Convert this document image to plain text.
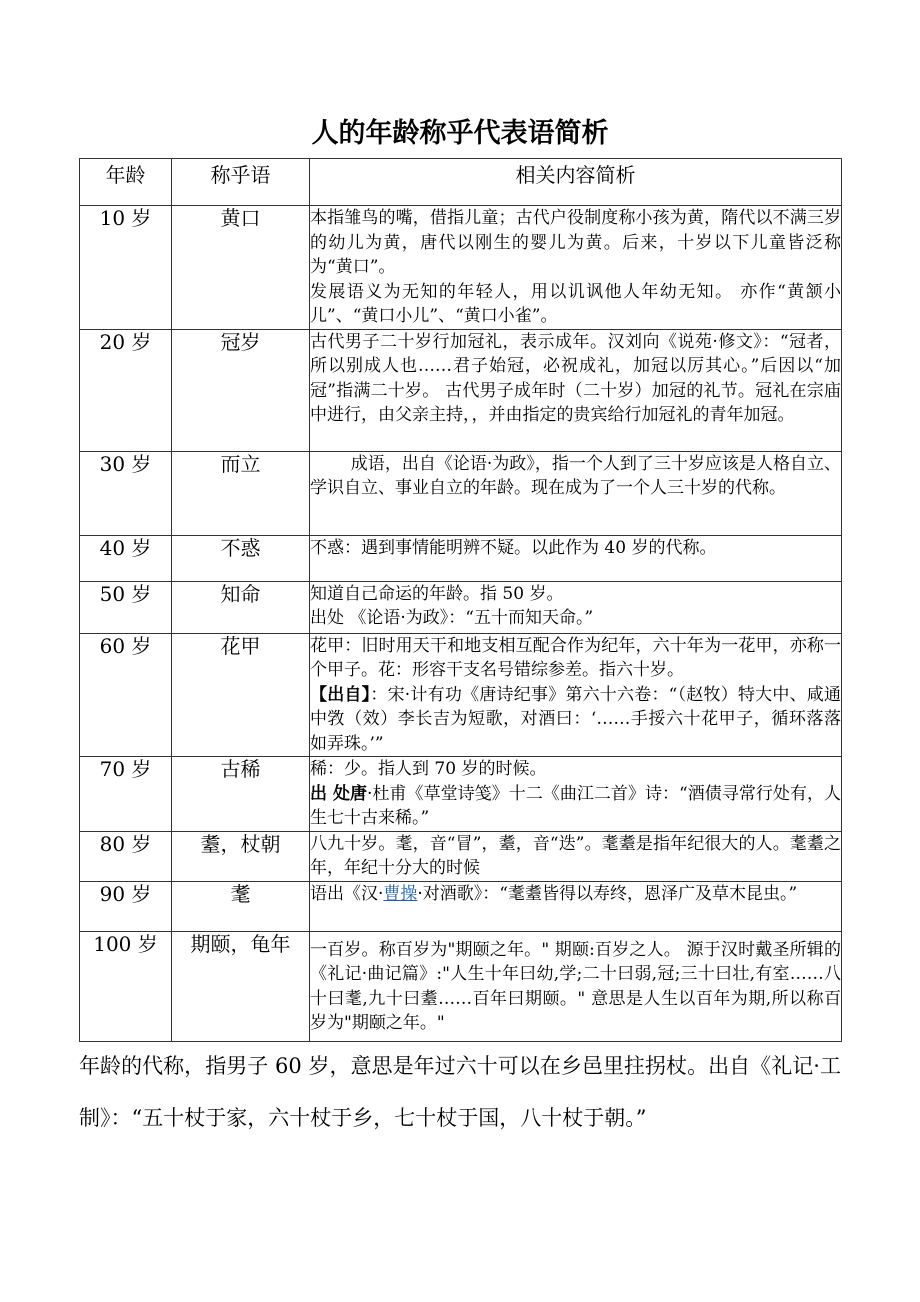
人的年龄称乎代表语简析
年龄	称乎语	相关内容简析
10 岁	黄口	本指雏鸟的嘴，借指儿童；古代户役制度称小孩为黄，隋代以不满三岁的幼儿为黄，唐代以刚生的婴儿为黄。后来，十岁以下儿童皆泛称为“黄口”。

发展语义为无知的年轻人，用以讥讽他人年幼无知。 亦作“黄颔小儿”、“黄口小儿”、“黄口小雀”。

20 岁	冠岁	古代男子二十岁行加冠礼，表示成年。汉刘向《说苑·修文》：“冠者，所以别成人也……君子始冠，必祝成礼，加冠以厉其心。”后因以“加冠”指满二十岁。 古代男子成年时（二十岁）加冠的礼节。冠礼在宗庙中进行，由父亲主持，，并由指定的贵宾给行加冠礼的青年加冠。

30 岁	而立	成语，出自《论语·为政》，指一个人到了三十岁应该是人格自立、学识自立、事业自立的年龄。现在成为了一个人三十岁的代称。

40 岁	不惑	不惑：遇到事情能明辨不疑。以此作为 40 岁的代称。

50 岁	知命	知道自己命运的年龄。指 50 岁。

出处 《论语·为政》：“五十而知天命。”

60 岁	花甲	花甲：旧时用天干和地支相互配合作为纪年，六十年为一花甲，亦称一个甲子。花：形容干支名号错综参差。指六十岁。

【出自】：宋·计有功《唐诗纪事》第六十六卷：“（赵牧）特大中、咸通中敩（效）李长吉为短歌，对酒曰：‘……手挼六十花甲子，循环落落如弄珠。’”

70 岁	古稀	稀：少。指人到 70 岁的时候。

出 处唐·杜甫《草堂诗笺》十二《曲江二首》诗：“酒债寻常行处有，人生七十古来稀。”

80 岁	耋，杖朝	八九十岁。耄，音“冒”，耋，音“迭”。耄耋是指年纪很大的人。耄耋之年，年纪十分大的时候

90 岁	耄	语出《汉·曹操·对酒歌》：“耄耋皆得以寿终，恩泽广及草木昆虫。”

100 岁	期颐，龟年	一百岁。称百岁为"期颐之年。" 期颐:百岁之人。 源于汉时戴圣所辑的《礼记·曲记篇》:"人生十年曰幼,学;二十曰弱,冠;三十曰壮,有室……八十曰耄,九十曰耋……百年曰期颐。" 意思是人生以百年为期,所以称百岁为"期颐之年。"

年龄的代称，指男子 60 岁，意思是年过六十可以在乡邑里拄拐杖。出自《礼记·工制》：“五十杖于家，六十杖于乡，七十杖于国，八十杖于朝。”
